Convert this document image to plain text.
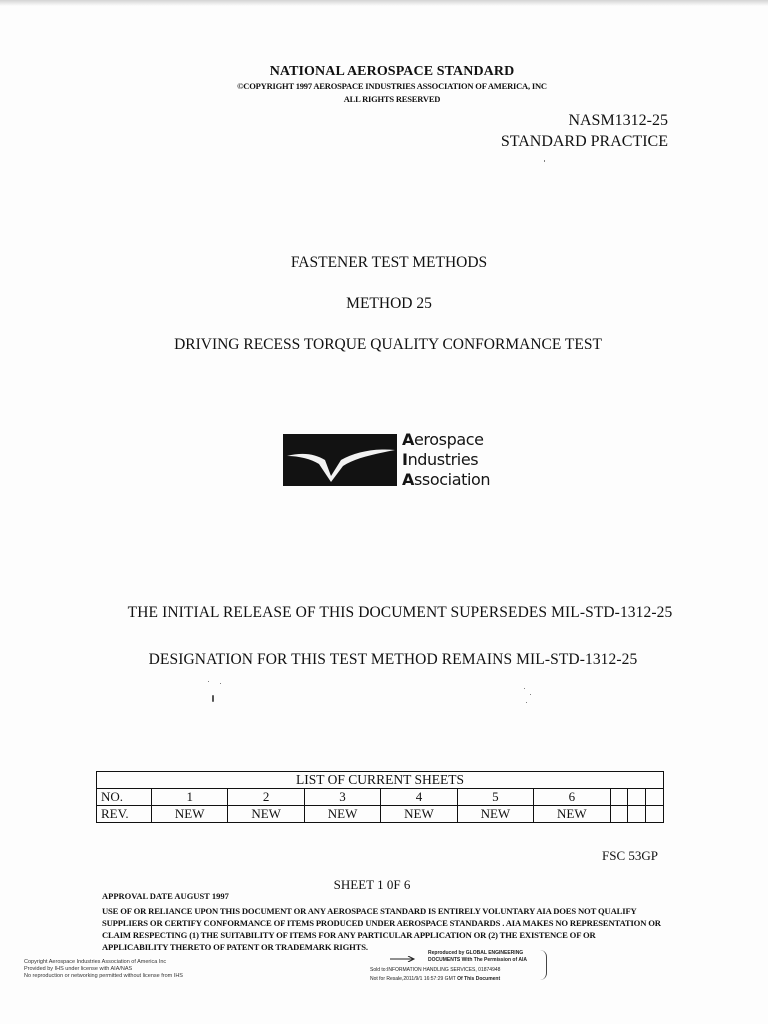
NATIONAL AEROSPACE STANDARD
©COPYRIGHT 1997 AEROSPACE INDUSTRIES ASSOCIATION OF AMERICA, INC
ALL RIGHTS RESERVED
NASM1312-25
STANDARD PRACTICE
FASTENER TEST METHODS
METHOD 25
DRIVING RECESS TORQUE QUALITY CONFORMANCE TEST
Aerospace
Industries
Association
THE INITIAL RELEASE OF THIS DOCUMENT SUPERSEDES MIL-STD-1312-25
DESIGNATION FOR THIS TEST METHOD REMAINS MIL-STD-1312-25
LIST OF CURRENT SHEETS									
NO.	1	2	3	4	5	6			
REV.	NEW	NEW	NEW	NEW	NEW	NEW			
FSC 53GP
SHEET 1 0F 6
APPROVAL DATE AUGUST 1997
USE OF OR RELIANCE UPON THIS DOCUMENT OR ANY AEROSPACE STANDARD IS ENTIRELY VOLUNTARY AIA DOES NOT QUALIFY SUPPLIERS OR CERTIFY CONFORMANCE OF ITEMS PRODUCED UNDER AEROSPACE STANDARDS . AIA MAKES NO REPRESENTATION OR CLAIM RESPECTING (1) THE SUITABILITY OF ITEMS FOR ANY PARTICULAR APPLICATION OR (2) THE EXISTENCE OF OR APPLICABILITY THERETO OF PATENT OR TRADEMARK RIGHTS.
Copyright Aerospace Industries Association of America Inc
Provided by IHS under license with AIA/NAS
No reproduction or networking permitted without license from IHS
Reproduced by GLOBAL ENGINEERING
DOCUMENTS With The Permission of AIA
Sold to:INFORMATION HANDLING SERVICES, 01874948
Not for Resale,2011/9/1 16:57:29 GMT Of This Document
